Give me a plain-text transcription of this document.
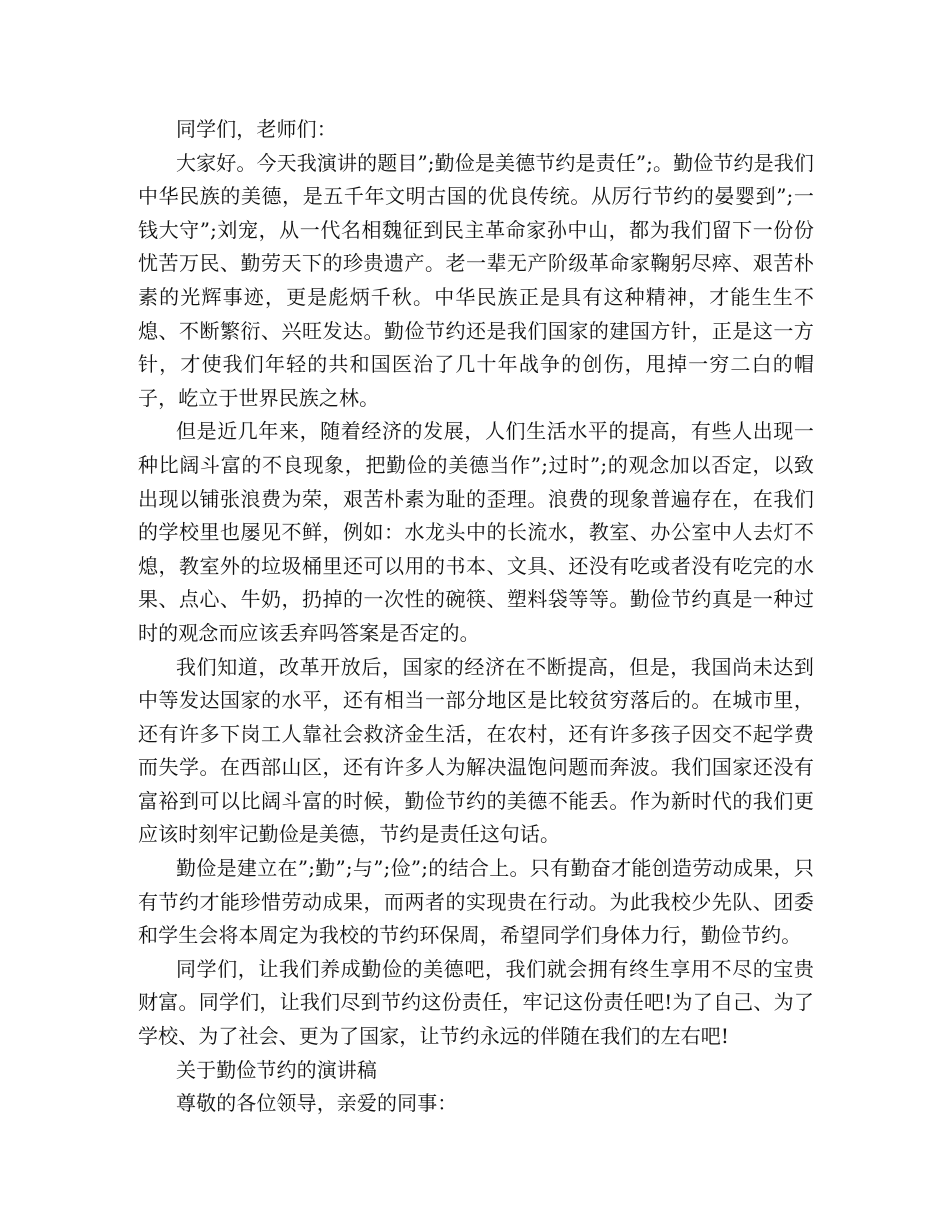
同学们，老师们：

大家好。今天我演讲的题目”;勤俭是美德节约是责任”;。勤俭节约是我们中华民族的美德，是五千年文明古国的优良传统。从厉行节约的晏婴到”;一钱大守”;刘宠，从一代名相魏征到民主革命家孙中山，都为我们留下一份份忧苦万民、勤劳天下的珍贵遗产。老一辈无产阶级革命家鞠躬尽瘁、艰苦朴素的光辉事迹，更是彪炳千秋。中华民族正是具有这种精神，才能生生不熄、不断繁衍、兴旺发达。勤俭节约还是我们国家的建国方针，正是这一方针，才使我们年轻的共和国医治了几十年战争的创伤，甩掉一穷二白的帽子，屹立于世界民族之林。

但是近几年来，随着经济的发展，人们生活水平的提高，有些人出现一种比阔斗富的不良现象，把勤俭的美德当作”;过时”;的观念加以否定，以致出现以铺张浪费为荣，艰苦朴素为耻的歪理。浪费的现象普遍存在，在我们的学校里也屡见不鲜，例如：水龙头中的长流水，教室、办公室中人去灯不熄，教室外的垃圾桶里还可以用的书本、文具、还没有吃或者没有吃完的水果、点心、牛奶，扔掉的一次性的碗筷、塑料袋等等。勤俭节约真是一种过时的观念而应该丢弃吗答案是否定的。

我们知道，改革开放后，国家的经济在不断提高，但是，我国尚未达到中等发达国家的水平，还有相当一部分地区是比较贫穷落后的。在城市里，还有许多下岗工人靠社会救济金生活，在农村，还有许多孩子因交不起学费而失学。在西部山区，还有许多人为解决温饱问题而奔波。我们国家还没有富裕到可以比阔斗富的时候，勤俭节约的美德不能丢。作为新时代的我们更应该时刻牢记勤俭是美德，节约是责任这句话。

勤俭是建立在”;勤”;与”;俭”;的结合上。只有勤奋才能创造劳动成果，只有节约才能珍惜劳动成果，而两者的实现贵在行动。为此我校少先队、团委和学生会将本周定为我校的节约环保周，希望同学们身体力行，勤俭节约。

同学们，让我们养成勤俭的美德吧，我们就会拥有终生享用不尽的宝贵财富。同学们，让我们尽到节约这份责任，牢记这份责任吧!为了自己、为了学校、为了社会、更为了国家，让节约永远的伴随在我们的左右吧!

关于勤俭节约的演讲稿

尊敬的各位领导，亲爱的同事：
